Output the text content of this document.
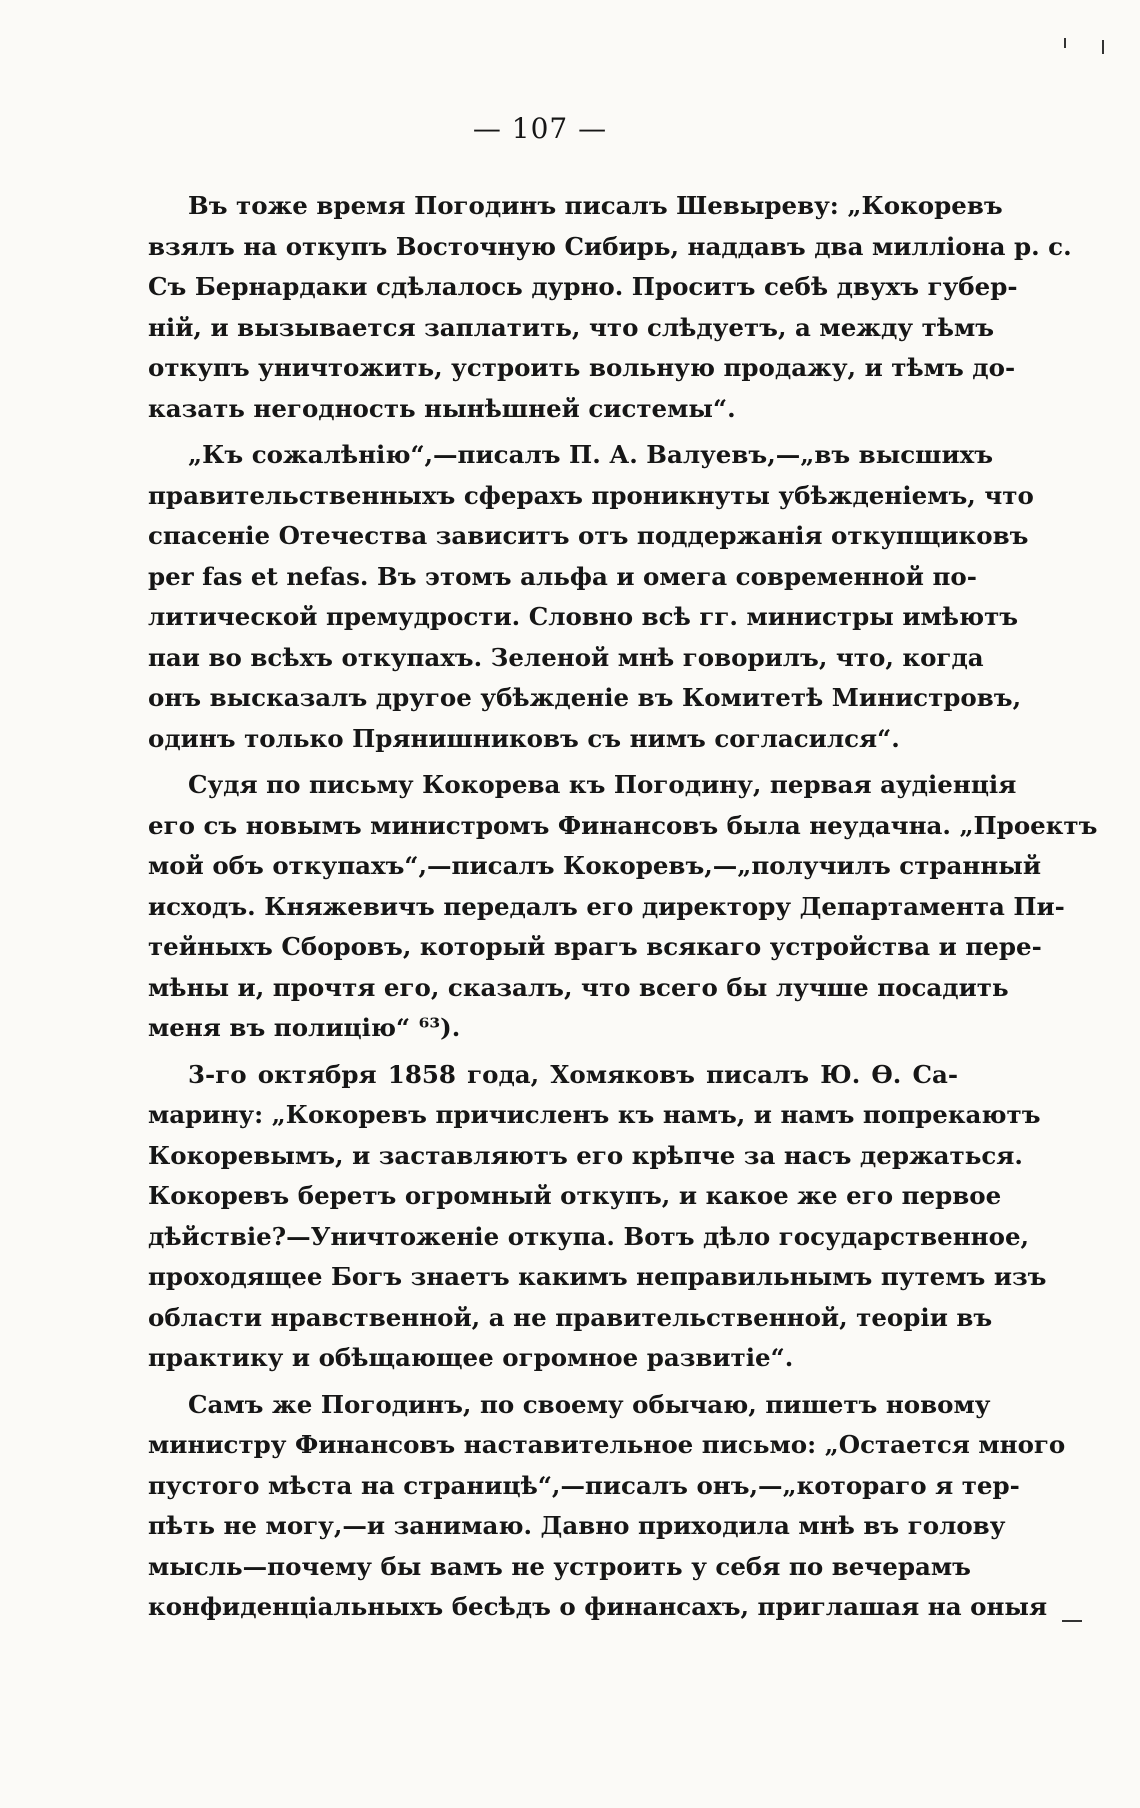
— 107 —
Въ тоже время Погодинъ писалъ Шевыреву: „Кокоревъ
взялъ на откупъ Восточную Сибирь, наддавъ два милліона р. с.
Съ Бернардаки сдѣлалось дурно. Проситъ себѣ двухъ губер-
ній, и вызывается заплатить, что слѣдуетъ, а между тѣмъ
откупъ уничтожить, устроить вольную продажу, и тѣмъ до-
казать негодность нынѣшней системы“.
„Къ сожалѣнію“,—писалъ П. А. Валуевъ,—„въ высшихъ
правительственныхъ сферахъ проникнуты убѣжденіемъ, что
спасеніе Отечества зависитъ отъ поддержанія откупщиковъ
per fas et nefas. Въ этомъ альфа и омега современной по-
литической премудрости. Словно всѣ гг. министры имѣютъ
паи во всѣхъ откупахъ. Зеленой мнѣ говорилъ, что, когда
онъ высказалъ другое убѣжденіе въ Комитетѣ Министровъ,
одинъ только Прянишниковъ съ нимъ согласился“.
Судя по письму Кокорева къ Погодину, первая аудіенція
его съ новымъ министромъ Финансовъ была неудачна. „Проектъ
мой объ откупахъ“,—писалъ Кокоревъ,—„получилъ странный
исходъ. Княжевичъ передалъ его директору Департамента Пи-
тейныхъ Сборовъ, который врагъ всякаго устройства и пере-
мѣны и, прочтя его, сказалъ, что всего бы лучше посадить
меня въ полицію“ ⁶³).
3-го октября 1858 года, Хомяковъ писалъ Ю. Ѳ. Са-
марину: „Кокоревъ причисленъ къ намъ, и намъ попрекаютъ
Кокоревымъ, и заставляютъ его крѣпче за насъ держаться.
Кокоревъ беретъ огромный откупъ, и какое же его первое
дѣйствіе?—Уничтоженіе откупа. Вотъ дѣло государственное,
проходящее Богъ знаетъ какимъ неправильнымъ путемъ изъ
области нравственной, а не правительственной, теоріи въ
практику и обѣщающее огромное развитіе“.
Самъ же Погодинъ, по своему обычаю, пишетъ новому
министру Финансовъ наставительное письмо: „Остается много
пустого мѣста на страницѣ“,—писалъ онъ,—„котораго я тер-
пѣть не могу,—и занимаю. Давно приходила мнѣ въ голову
мысль—почему бы вамъ не устроить у себя по вечерамъ
конфиденціальныхъ бесѣдъ о финансахъ, приглашая на оныя
